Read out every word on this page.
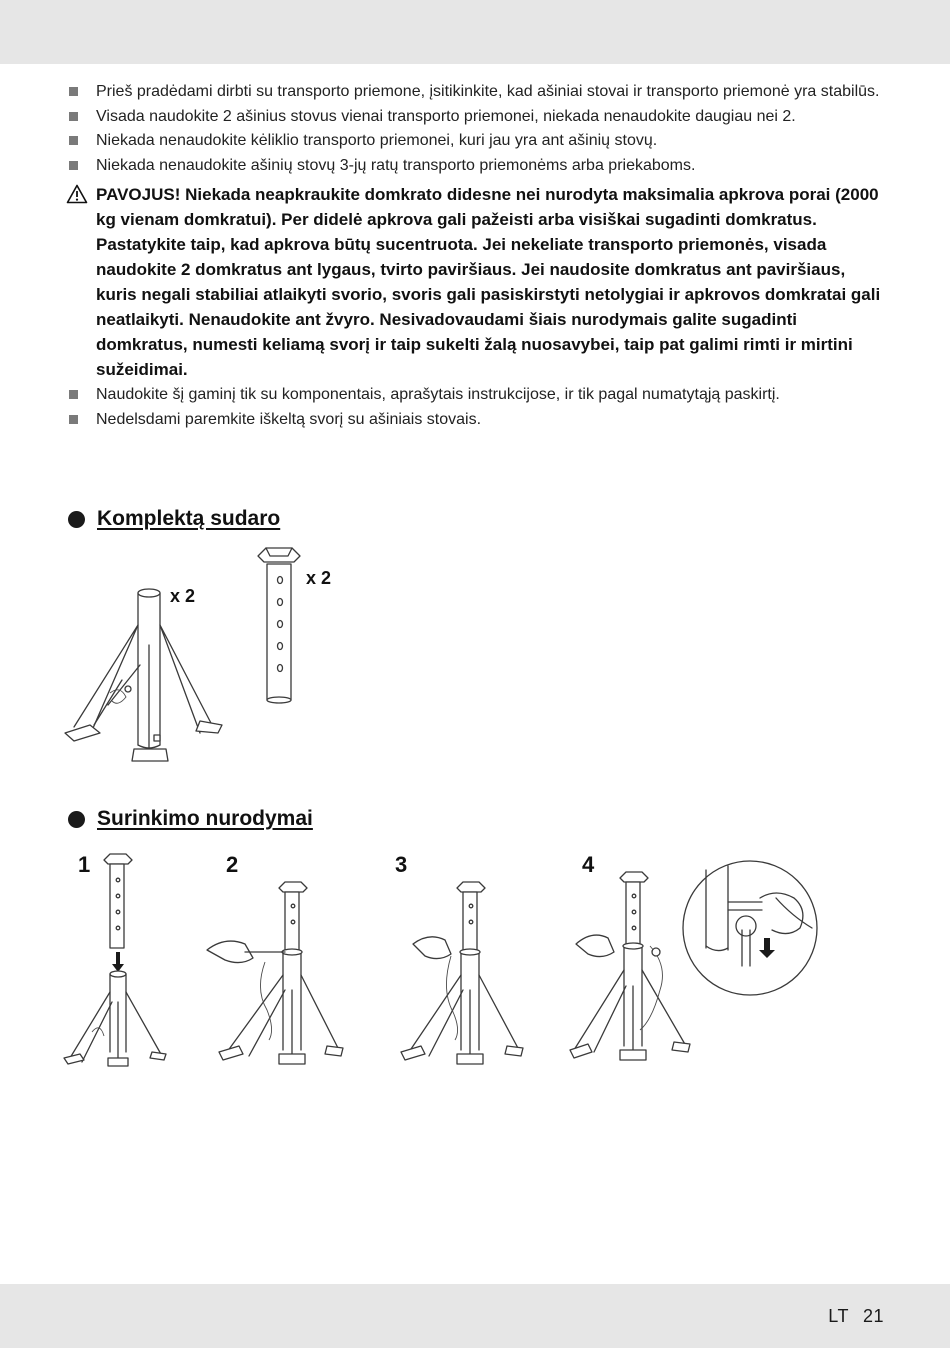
Prieš pradėdami dirbti su transporto priemone, įsitikinkite, kad ašiniai stovai ir transporto priemonė yra stabilūs.
Visada naudokite 2 ašinius stovus vienai transporto priemonei, niekada nenaudokite daugiau nei 2.
Niekada nenaudokite kėliklio transporto priemonei, kuri jau yra ant ašinių stovų.
Niekada nenaudokite ašinių stovų 3-jų ratų transporto priemonėms arba priekaboms.
PAVOJUS! Niekada neapkraukite domkrato didesne nei nurodyta maksimalia apkrova porai (2000 kg vienam domkratui). Per didelė apkrova gali pažeisti arba visiškai sugadinti domkratus. Pastatykite taip, kad apkrova būtų sucentruota. Jei nekeliate transporto priemonės, visada naudokite 2 domkratus ant lygaus, tvirto paviršiaus. Jei naudosite domkratus ant paviršiaus, kuris negali stabiliai atlaikyti svorio, svoris gali pasiskirstyti netolygiai ir apkrovos domkratai gali neatlaikyti. Nenaudokite ant žvyro. Nesivadovaudami šiais nurodymais galite sugadinti domkratus, numesti keliamą svorį ir taip sukelti žalą nuosavybei, taip pat galimi rimti ir mirtini sužeidimai.
Naudokite šį gaminį tik su komponentais, aprašytais instrukcijose, ir tik pagal numatytąją paskirtį.
Nedelsdami paremkite iškeltą svorį su ašiniais stovais.
Komplektą sudaro
x 2
x 2
Surinkimo nurodymai
1	2	3	4
LT 21
